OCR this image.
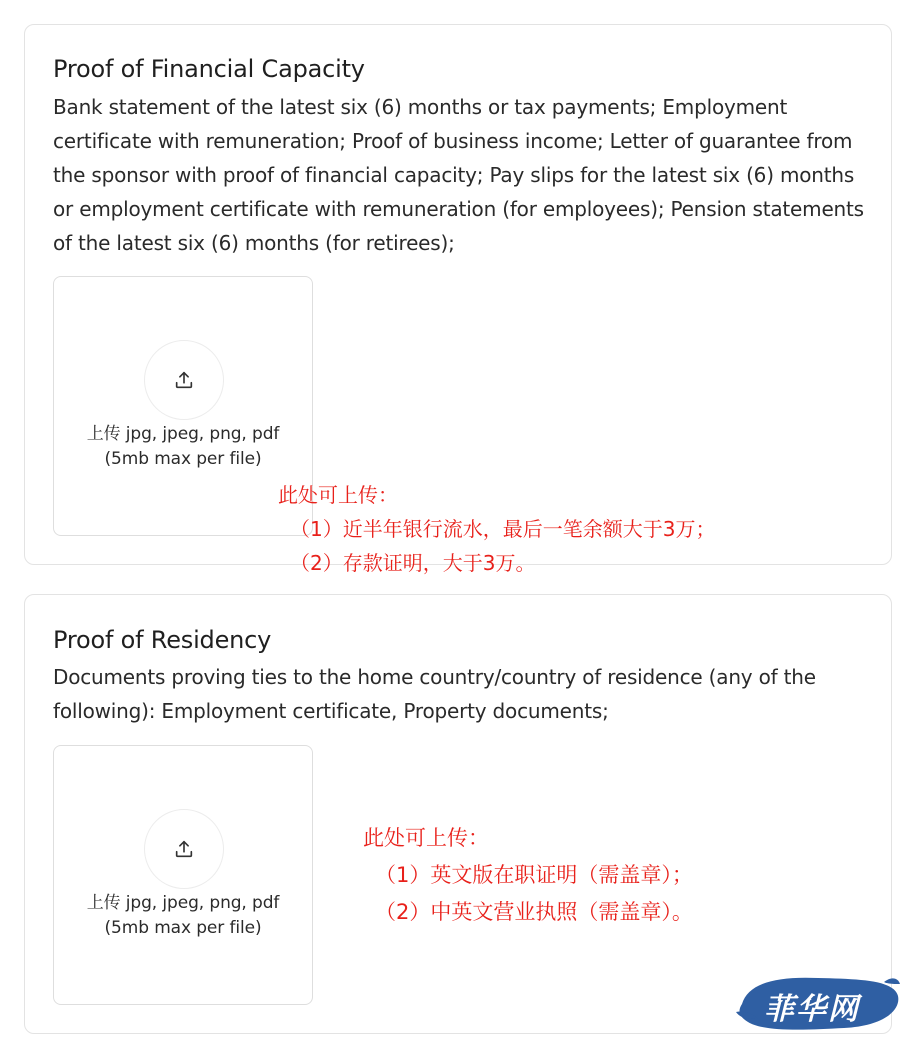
Proof of Financial Capacity
Bank statement of the latest six (6) months or tax payments; Employment certificate with remuneration; Proof of business income; Letter of guarantee from the sponsor with proof of financial capacity; Pay slips for the latest six (6) months or employment certificate with remuneration (for employees); Pension statements of the latest six (6) months (for retirees);
上传 jpg, jpeg, png, pdf
(5mb max per file)
此处可上传：
（1）近半年银行流水，最后一笔余额大于3万；
（2）存款证明，大于3万。
Proof of Residency
Documents proving ties to the home country/country of residence (any of the following): Employment certificate, Property documents;
上传 jpg, jpeg, png, pdf
(5mb max per file)
此处可上传：
（1）英文版在职证明（需盖章）；
（2）中英文营业执照（需盖章）。
菲华网
